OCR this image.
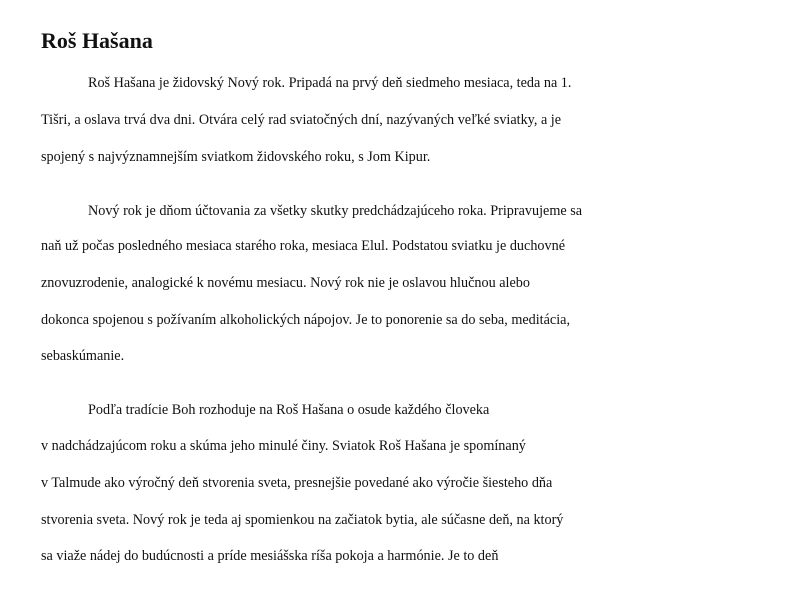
Roš Hašana

Roš Hašana je židovský Nový rok. Pripadá na prvý deň siedmeho mesiaca, teda na 1.

Tišri, a oslava trvá dva dni. Otvára celý rad sviatočných dní, nazývaných veľké sviatky, a je

spojený s najvýznamnejším sviatkom židovského roku, s Jom Kipur.

Nový rok je dňom účtovania za všetky skutky predchádzajúceho roka. Pripravujeme sa

naň už počas posledného mesiaca starého roka, mesiaca Elul. Podstatou sviatku je duchovné

znovuzrodenie, analogické k novému mesiacu. Nový rok nie je oslavou hlučnou alebo

dokonca spojenou s požívaním alkoholických nápojov. Je to ponorenie sa do seba, meditácia,

sebaskúmanie.

Podľa tradície Boh rozhoduje na Roš Hašana o osude každého človeka

v nadchádzajúcom roku a skúma jeho minulé činy. Sviatok Roš Hašana je spomínaný

v Talmude ako výročný deň stvorenia sveta, presnejšie povedané ako výročie šiesteho dňa

stvorenia sveta. Nový rok je teda aj spomienkou na začiatok bytia, ale súčasne deň, na ktorý

sa viaže nádej do budúcnosti a príde mesiášska ríša pokoja a harmónie. Je to deň
